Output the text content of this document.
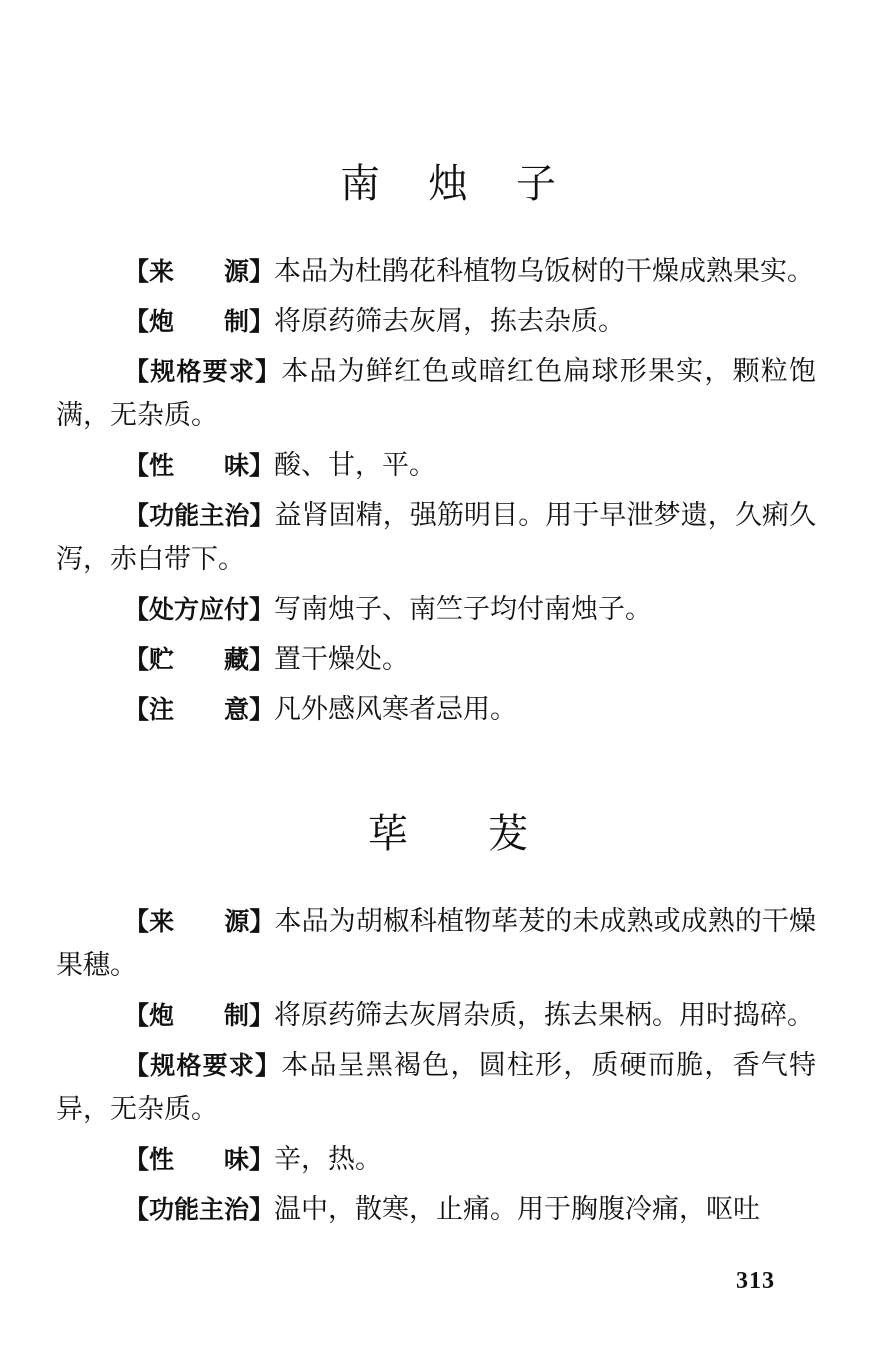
南烛子

【来　　源】本品为杜鹃花科植物乌饭树的干燥成熟果实。

【炮　　制】将原药筛去灰屑，拣去杂质。

【规格要求】本品为鲜红色或暗红色扁球形果实，颗粒饱满，无杂质。

【性　　味】酸、甘，平。

【功能主治】益肾固精，强筋明目。用于早泄梦遗，久痢久泻，赤白带下。

【处方应付】写南烛子、南竺子均付南烛子。

【贮　　藏】置干燥处。

【注　　意】凡外感风寒者忌用。

荜茇

【来　　源】本品为胡椒科植物荜茇的未成熟或成熟的干燥果穗。

【炮　　制】将原药筛去灰屑杂质，拣去果柄。用时捣碎。

【规格要求】本品呈黑褐色，圆柱形，质硬而脆，香气特异，无杂质。

【性　　味】辛，热。

【功能主治】温中，散寒，止痛。用于胸腹冷痛，呕吐

313
